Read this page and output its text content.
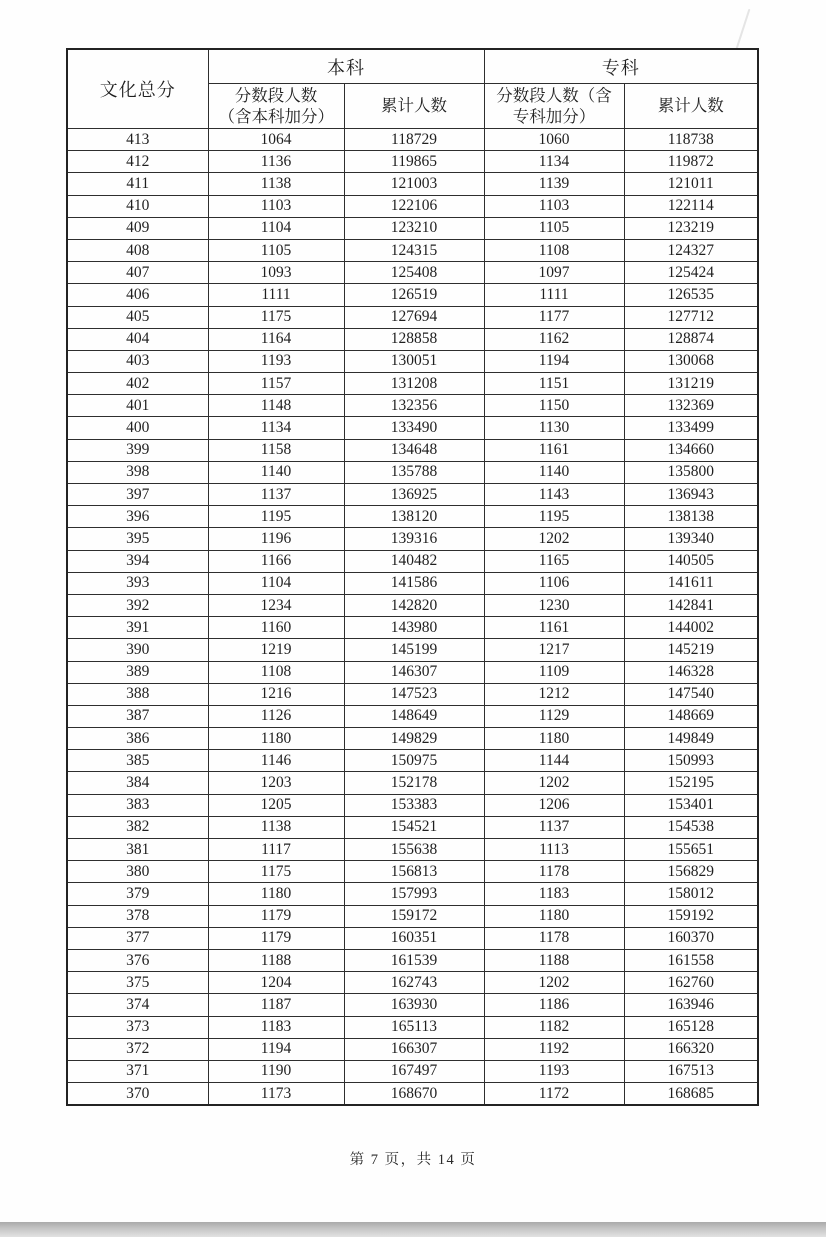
文化总分	本科		专科	
	分数段人数（含本科加分）	累计人数	分数段人数（含专科加分）	累计人数
413	1064	118729	1060	118738
412	1136	119865	1134	119872
411	1138	121003	1139	121011
410	1103	122106	1103	122114
409	1104	123210	1105	123219
408	1105	124315	1108	124327
407	1093	125408	1097	125424
406	1111	126519	1111	126535
405	1175	127694	1177	127712
404	1164	128858	1162	128874
403	1193	130051	1194	130068
402	1157	131208	1151	131219
401	1148	132356	1150	132369
400	1134	133490	1130	133499
399	1158	134648	1161	134660
398	1140	135788	1140	135800
397	1137	136925	1143	136943
396	1195	138120	1195	138138
395	1196	139316	1202	139340
394	1166	140482	1165	140505
393	1104	141586	1106	141611
392	1234	142820	1230	142841
391	1160	143980	1161	144002
390	1219	145199	1217	145219
389	1108	146307	1109	146328
388	1216	147523	1212	147540
387	1126	148649	1129	148669
386	1180	149829	1180	149849
385	1146	150975	1144	150993
384	1203	152178	1202	152195
383	1205	153383	1206	153401
382	1138	154521	1137	154538
381	1117	155638	1113	155651
380	1175	156813	1178	156829
379	1180	157993	1183	158012
378	1179	159172	1180	159192
377	1179	160351	1178	160370
376	1188	161539	1188	161558
375	1204	162743	1202	162760
374	1187	163930	1186	163946
373	1183	165113	1182	165128
372	1194	166307	1192	166320
371	1190	167497	1193	167513
370	1173	168670	1172	168685
第 7 页，共 14 页
